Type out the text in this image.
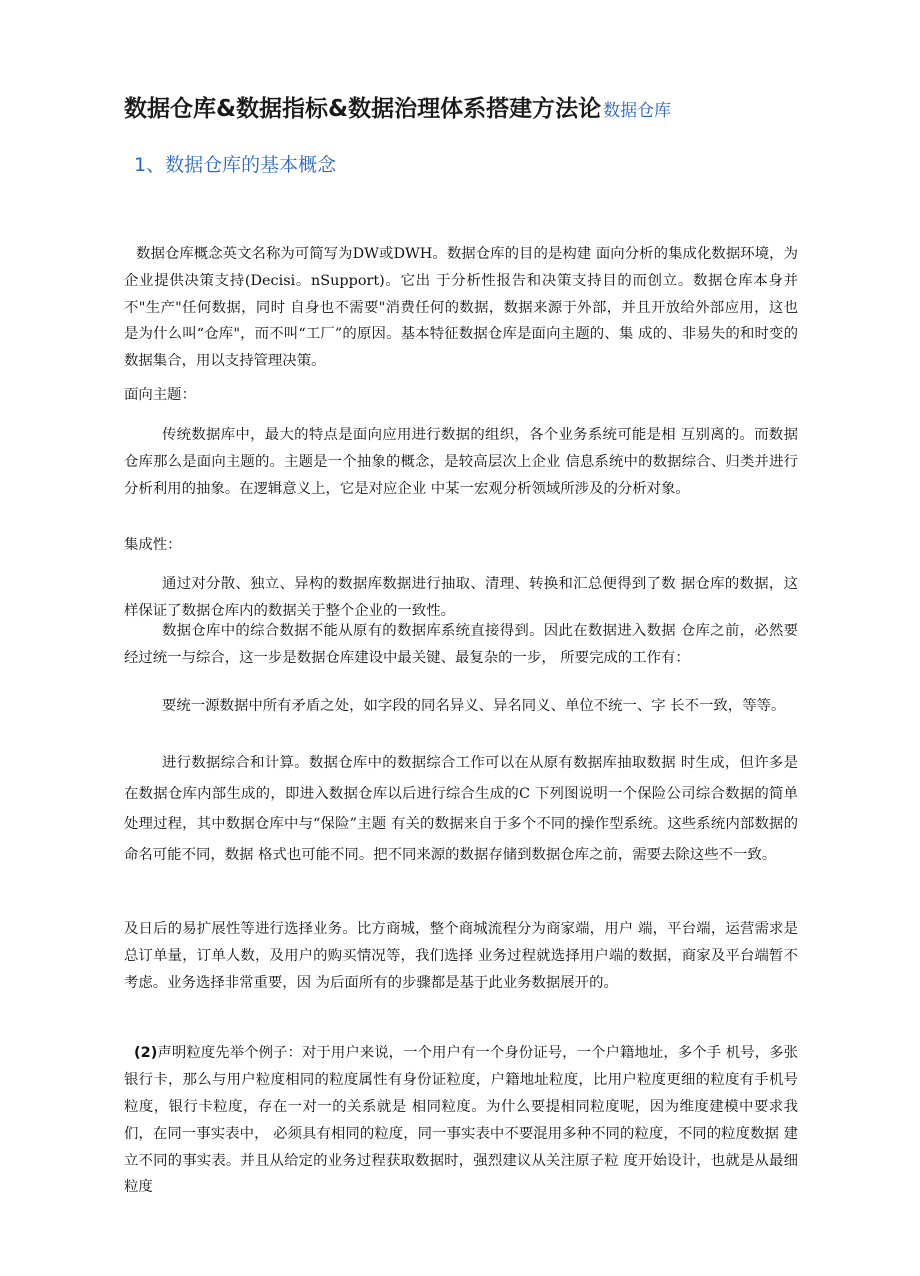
数据仓库&数据指标&数据治理体系搭建方法论 数据仓库
1、数据仓库的基本概念

数据仓库概念英文名称为可简写为DW或DWH。数据仓库的目的是构建 面向分析的集成化数据环境，为企业提供决策支持(Decisi。nSupport)。它出 于分析性报告和决策支持目的而创立。数据仓库本身并不"生产"任何数据，同时 自身也不需要"消费任何的数据，数据来源于外部，并且开放给外部应用，这也 是为什么叫“仓库"，而不叫“工厂”的原因。基本特征数据仓库是面向主题的、集 成的、非易失的和时变的数据集合，用以支持管理决策。

面向主题：

传统数据库中，最大的特点是面向应用进行数据的组织，各个业务系统可能是相 互别离的。而数据仓库那么是面向主题的。主题是一个抽象的概念，是较高层次上企业 信息系统中的数据综合、归类并进行分析利用的抽象。在逻辑意义上，它是对应企业 中某一宏观分析领域所涉及的分析对象。

集成性：

通过对分散、独立、异构的数据库数据进行抽取、清理、转换和汇总便得到了数 据仓库的数据，这样保证了数据仓库内的数据关于整个企业的一致性。

数据仓库中的综合数据不能从原有的数据库系统直接得到。因此在数据进入数据 仓库之前，必然要经过统一与综合，这一步是数据仓库建设中最关键、最复杂的一步， 所要完成的工作有：

要统一源数据中所有矛盾之处，如字段的同名异义、异名同义、单位不统一、字 长不一致，等等。

进行数据综合和计算。数据仓库中的数据综合工作可以在从原有数据库抽取数据 时生成，但许多是在数据仓库内部生成的，即进入数据仓库以后进行综合生成的C 下列图说明一个保险公司综合数据的简单处理过程，其中数据仓库中与“保险”主题 有关的数据来自于多个不同的操作型系统。这些系统内部数据的命名可能不同，数据 格式也可能不同。把不同来源的数据存储到数据仓库之前，需要去除这些不一致。

及日后的易扩展性等进行选择业务。比方商城，整个商城流程分为商家端，用户 端，平台端，运营需求是总订单量，订单人数，及用户的购买情况等，我们选择 业务过程就选择用户端的数据，商家及平台端暂不考虑。业务选择非常重要，因 为后面所有的步骤都是基于此业务数据展开的。

(2)声明粒度先举个例子：对于用户来说，一个用户有一个身份证号，一个户籍地址，多个手 机号，多张银行卡，那么与用户粒度相同的粒度属性有身份证粒度，户籍地址粒度，比用户粒度更细的粒度有手机号粒度，银行卡粒度，存在一对一的关系就是 相同粒度。为什么要提相同粒度呢，因为维度建模中要求我们，在同一事实表中， 必须具有相同的粒度，同一事实表中不要混用多种不同的粒度，不同的粒度数据 建立不同的事实表。并且从给定的业务过程获取数据时，强烈建议从关注原子粒 度开始设计，也就是从最细粒度
